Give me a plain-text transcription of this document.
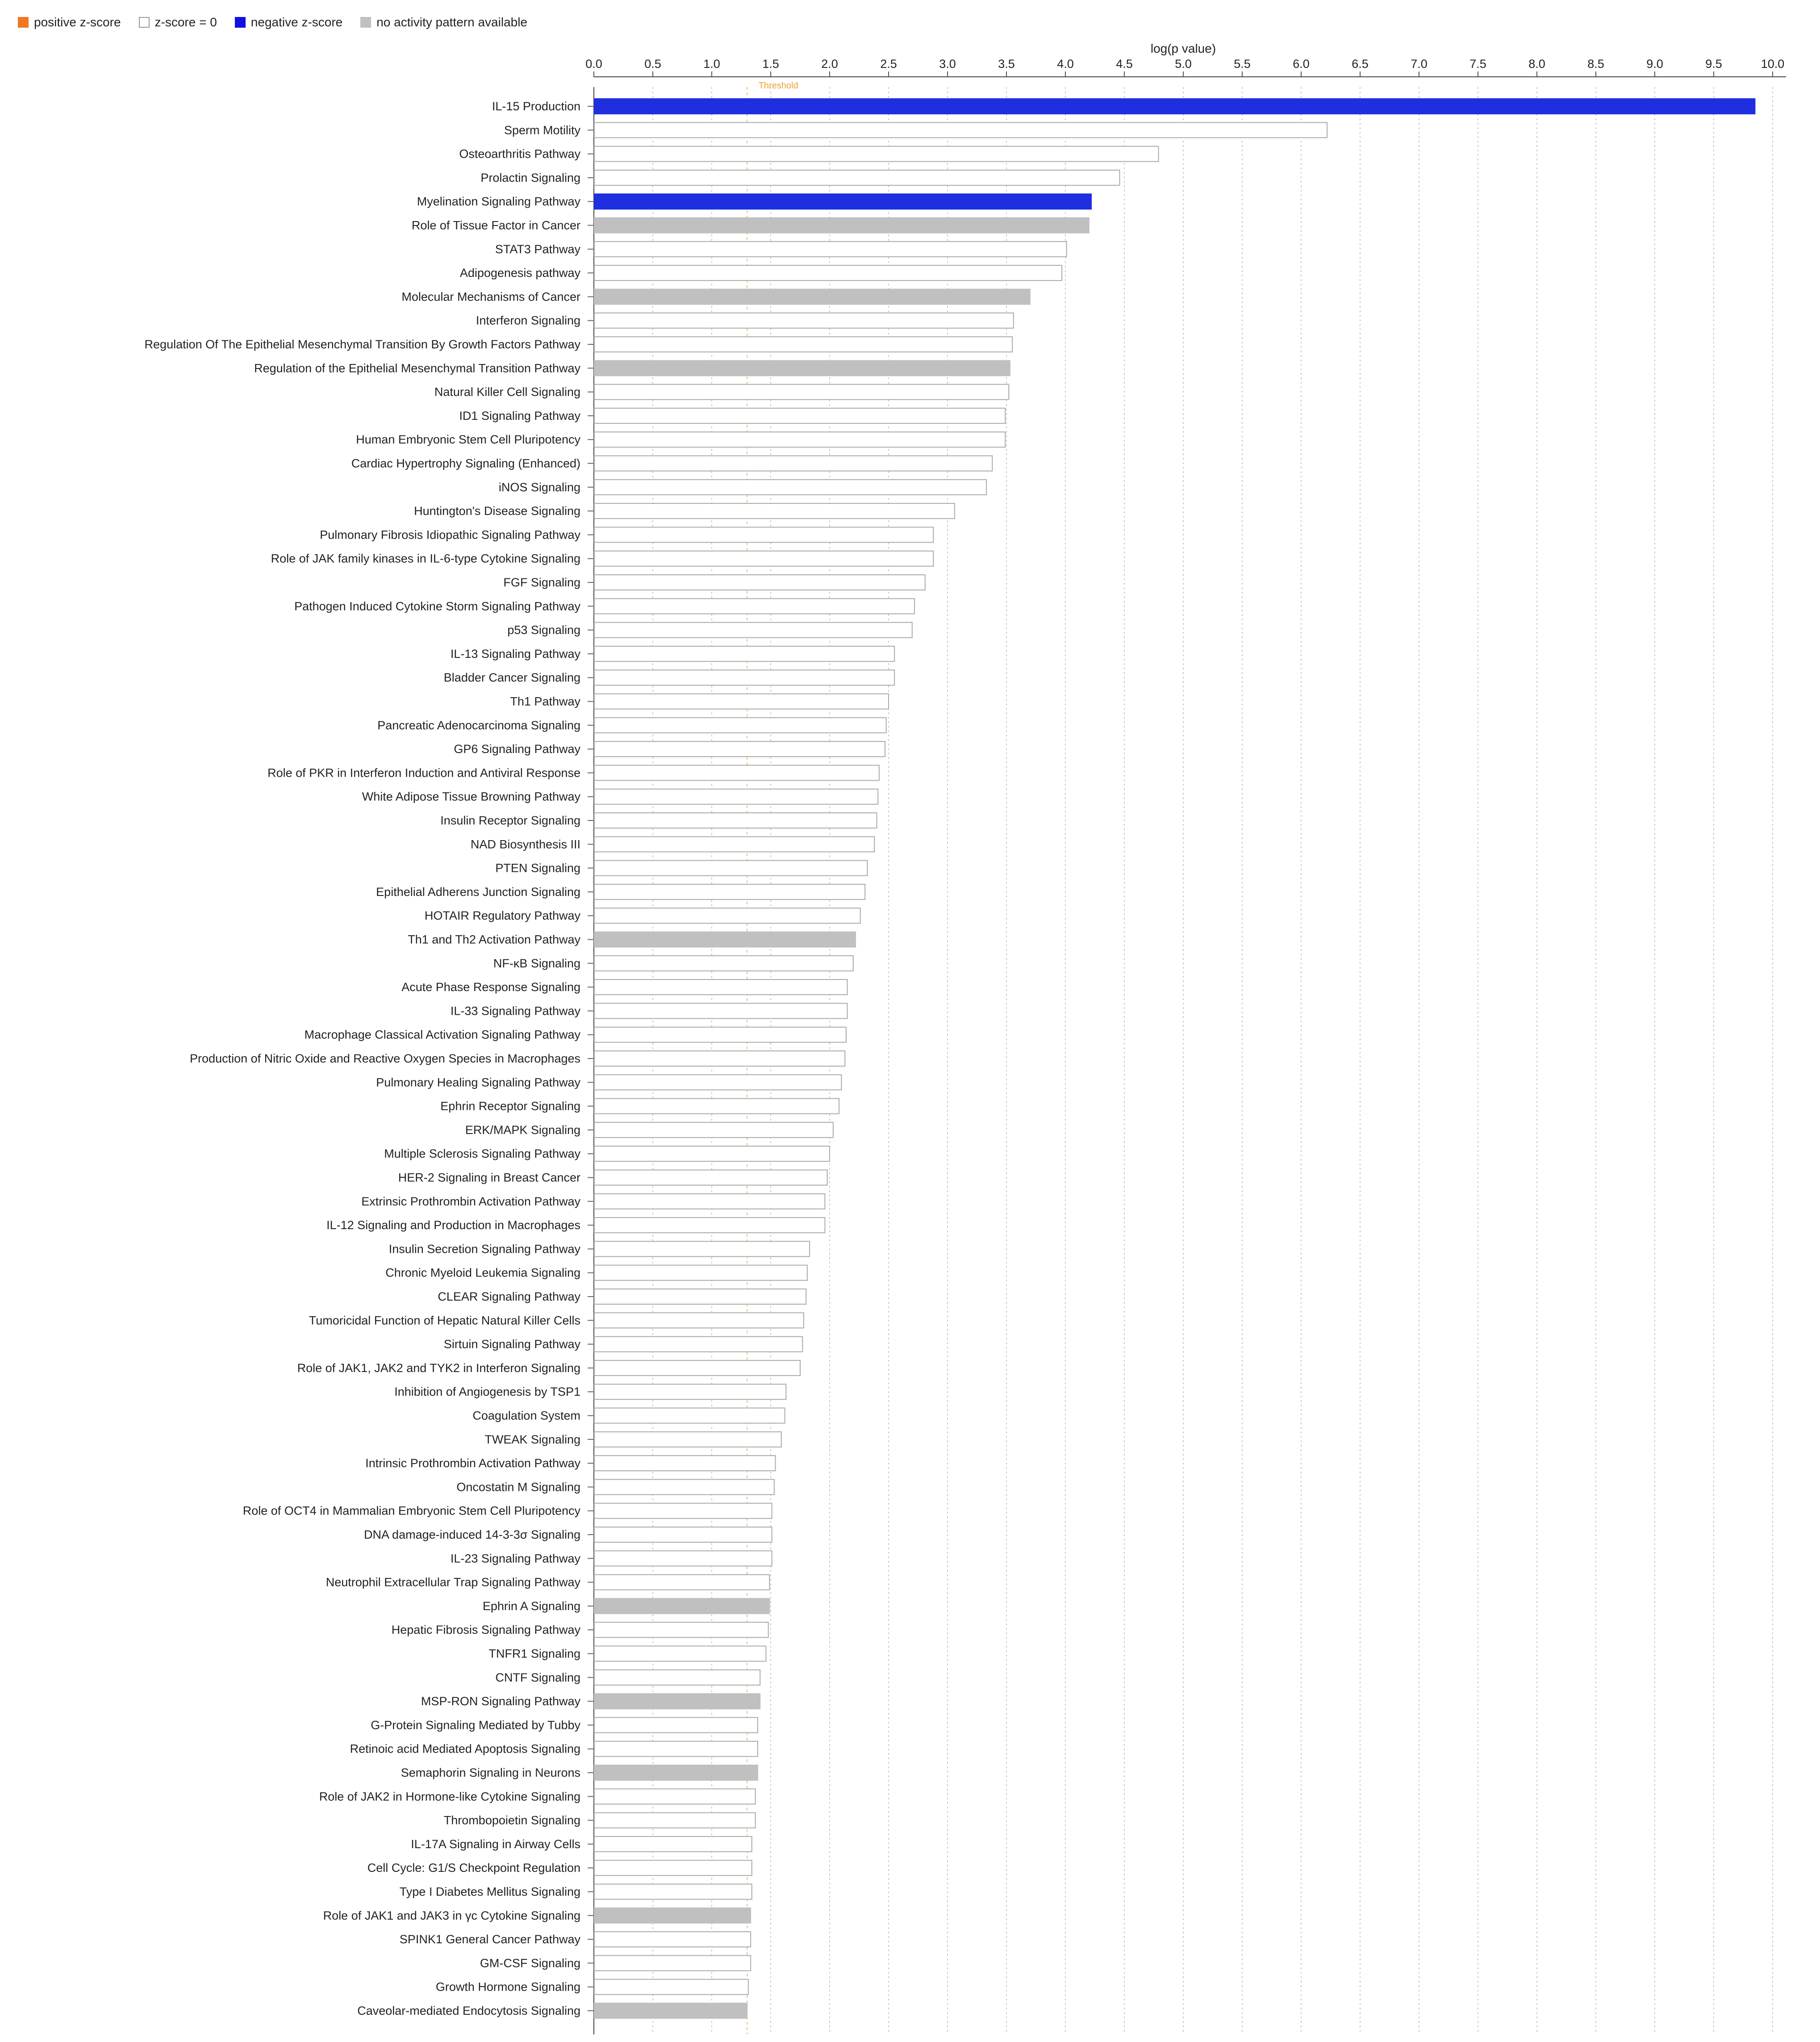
positive z-score	z-score = 0	negative z-score	no activity pattern available
log(p value)
0.0	0.5	1.0	1.5	2.0	2.5	3.0	3.5	4.0	4.5	5.0	5.5	6.0	6.5	7.0	7.5	8.0	8.5	9.0	9.5	10.0
Threshold
IL-15 Production
Sperm Motility
Osteoarthritis Pathway
Prolactin Signaling
Myelination Signaling Pathway
Role of Tissue Factor in Cancer
STAT3 Pathway
Adipogenesis pathway
Molecular Mechanisms of Cancer
Interferon Signaling
Regulation Of The Epithelial Mesenchymal Transition By Growth Factors Pathway
Regulation of the Epithelial Mesenchymal Transition Pathway
Natural Killer Cell Signaling
ID1 Signaling Pathway
Human Embryonic Stem Cell Pluripotency
Cardiac Hypertrophy Signaling (Enhanced)
iNOS Signaling
Huntington's Disease Signaling
Pulmonary Fibrosis Idiopathic Signaling Pathway
Role of JAK family kinases in IL-6-type Cytokine Signaling
FGF Signaling
Pathogen Induced Cytokine Storm Signaling Pathway
p53 Signaling
IL-13 Signaling Pathway
Bladder Cancer Signaling
Th1 Pathway
Pancreatic Adenocarcinoma Signaling
GP6 Signaling Pathway
Role of PKR in Interferon Induction and Antiviral Response
White Adipose Tissue Browning Pathway
Insulin Receptor Signaling
NAD Biosynthesis III
PTEN Signaling
Epithelial Adherens Junction Signaling
HOTAIR Regulatory Pathway
Th1 and Th2 Activation Pathway
NF-κB Signaling
Acute Phase Response Signaling
IL-33 Signaling Pathway
Macrophage Classical Activation Signaling Pathway
Production of Nitric Oxide and Reactive Oxygen Species in Macrophages
Pulmonary Healing Signaling Pathway
Ephrin Receptor Signaling
ERK/MAPK Signaling
Multiple Sclerosis Signaling Pathway
HER-2 Signaling in Breast Cancer
Extrinsic Prothrombin Activation Pathway
IL-12 Signaling and Production in Macrophages
Insulin Secretion Signaling Pathway
Chronic Myeloid Leukemia Signaling
CLEAR Signaling Pathway
Tumoricidal Function of Hepatic Natural Killer Cells
Sirtuin Signaling Pathway
Role of JAK1, JAK2 and TYK2 in Interferon Signaling
Inhibition of Angiogenesis by TSP1
Coagulation System
TWEAK Signaling
Intrinsic Prothrombin Activation Pathway
Oncostatin M Signaling
Role of OCT4 in Mammalian Embryonic Stem Cell Pluripotency
DNA damage-induced 14-3-3σ Signaling
IL-23 Signaling Pathway
Neutrophil Extracellular Trap Signaling Pathway
Ephrin A Signaling
Hepatic Fibrosis Signaling Pathway
TNFR1 Signaling
CNTF Signaling
MSP-RON Signaling Pathway
G-Protein Signaling Mediated by Tubby
Retinoic acid Mediated Apoptosis Signaling
Semaphorin Signaling in Neurons
Role of JAK2 in Hormone-like Cytokine Signaling
Thrombopoietin Signaling
IL-17A Signaling in Airway Cells
Cell Cycle: G1/S Checkpoint Regulation
Type I Diabetes Mellitus Signaling
Role of JAK1 and JAK3 in γc Cytokine Signaling
SPINK1 General Cancer Pathway
GM-CSF Signaling
Growth Hormone Signaling
Caveolar-mediated Endocytosis Signaling
